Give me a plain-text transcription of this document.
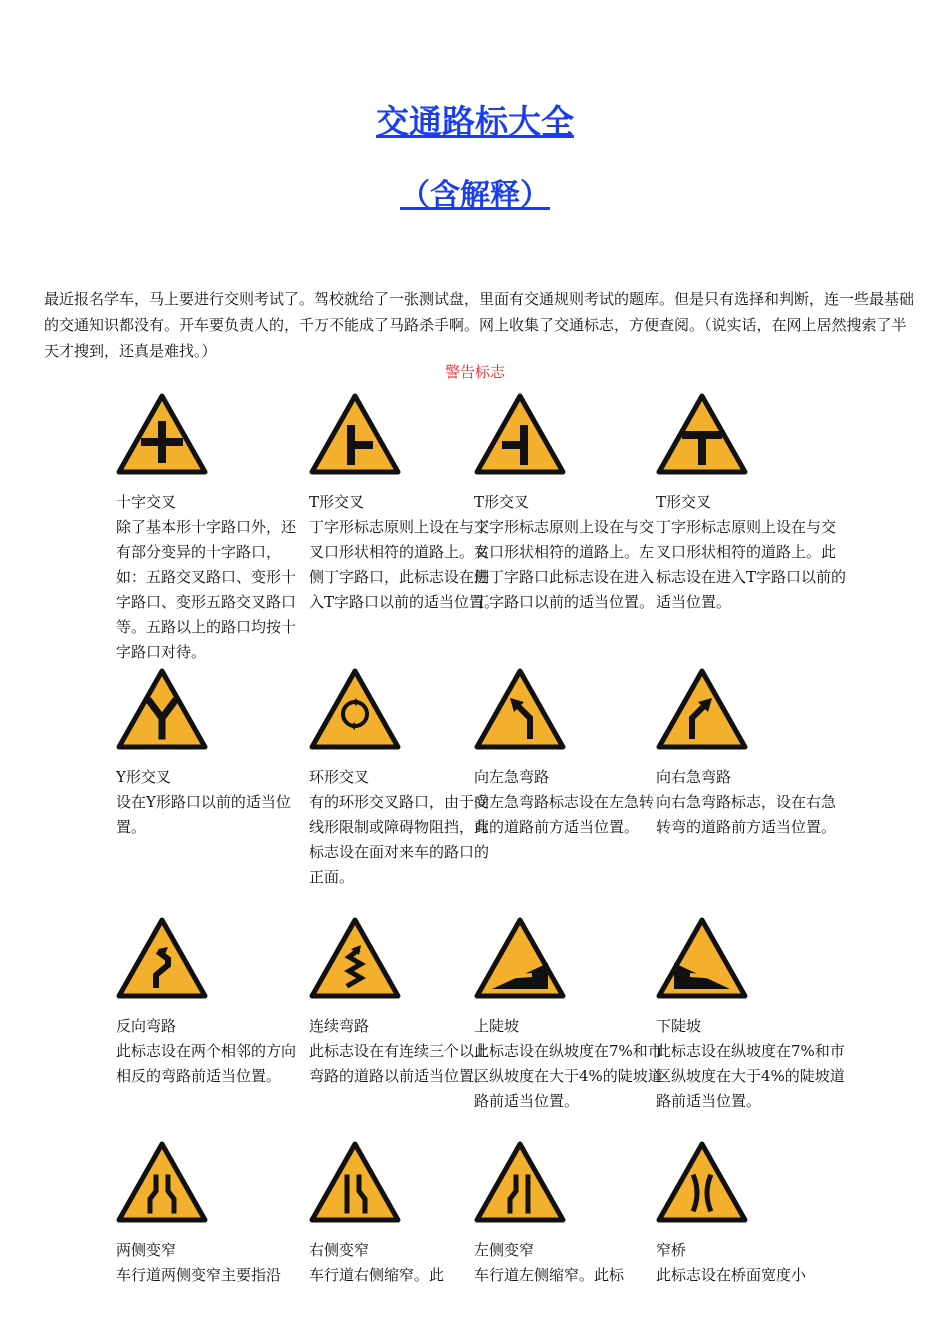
交通路标大全
（含解释）

最近报名学车，马上要进行交则考试了。驾校就给了一张测试盘，里面有交通规则考试的题库。但是只有选择和判断，连一些最基础的交通知识都没有。开车要负责人的，千万不能成了马路杀手啊。网上收集了交通标志，方便查阅。（说实话，在网上居然搜索了半天才搜到，还真是难找。）

警告标志
十字交叉
除了基本形十字路口外，还有部分变异的十字路口，如：五路交叉路口、变形十字路口、变形五路交叉路口等。五路以上的路口均按十字路口对待。
T形交叉
丁字形标志原则上设在与交叉口形状相符的道路上。右侧丁字路口，此标志设在进入T字路口以前的适当位置。
T形交叉
丁字形标志原则上设在与交叉口形状相符的道路上。左侧丁字路口此标志设在进入丁字路口以前的适当位置。
T形交叉
丁字形标志原则上设在与交叉口形状相符的道路上。此标志设在进入T字路口以前的适当位置。
Y形交叉
设在Y形路口以前的适当位置。
环形交叉
有的环形交叉路口，由于受线形限制或障碍物阻挡，此标志设在面对来车的路口的正面。
向左急弯路
向左急弯路标志设在左急转弯的道路前方适当位置。
向右急弯路
向右急弯路标志，设在右急转弯的道路前方适当位置。
反向弯路
此标志设在两个相邻的方向相反的弯路前适当位置。
连续弯路
此标志设在有连续三个以上弯路的道路以前适当位置。
上陡坡
此标志设在纵坡度在7%和市区纵坡度在大于4%的陡坡道路前适当位置。
下陡坡
此标志设在纵坡度在7%和市区纵坡度在大于4%的陡坡道路前适当位置。
两侧变窄
车行道两侧变窄主要指沿
右侧变窄
车行道右侧缩窄。此
左侧变窄
车行道左侧缩窄。此标
窄桥
此标志设在桥面宽度小
